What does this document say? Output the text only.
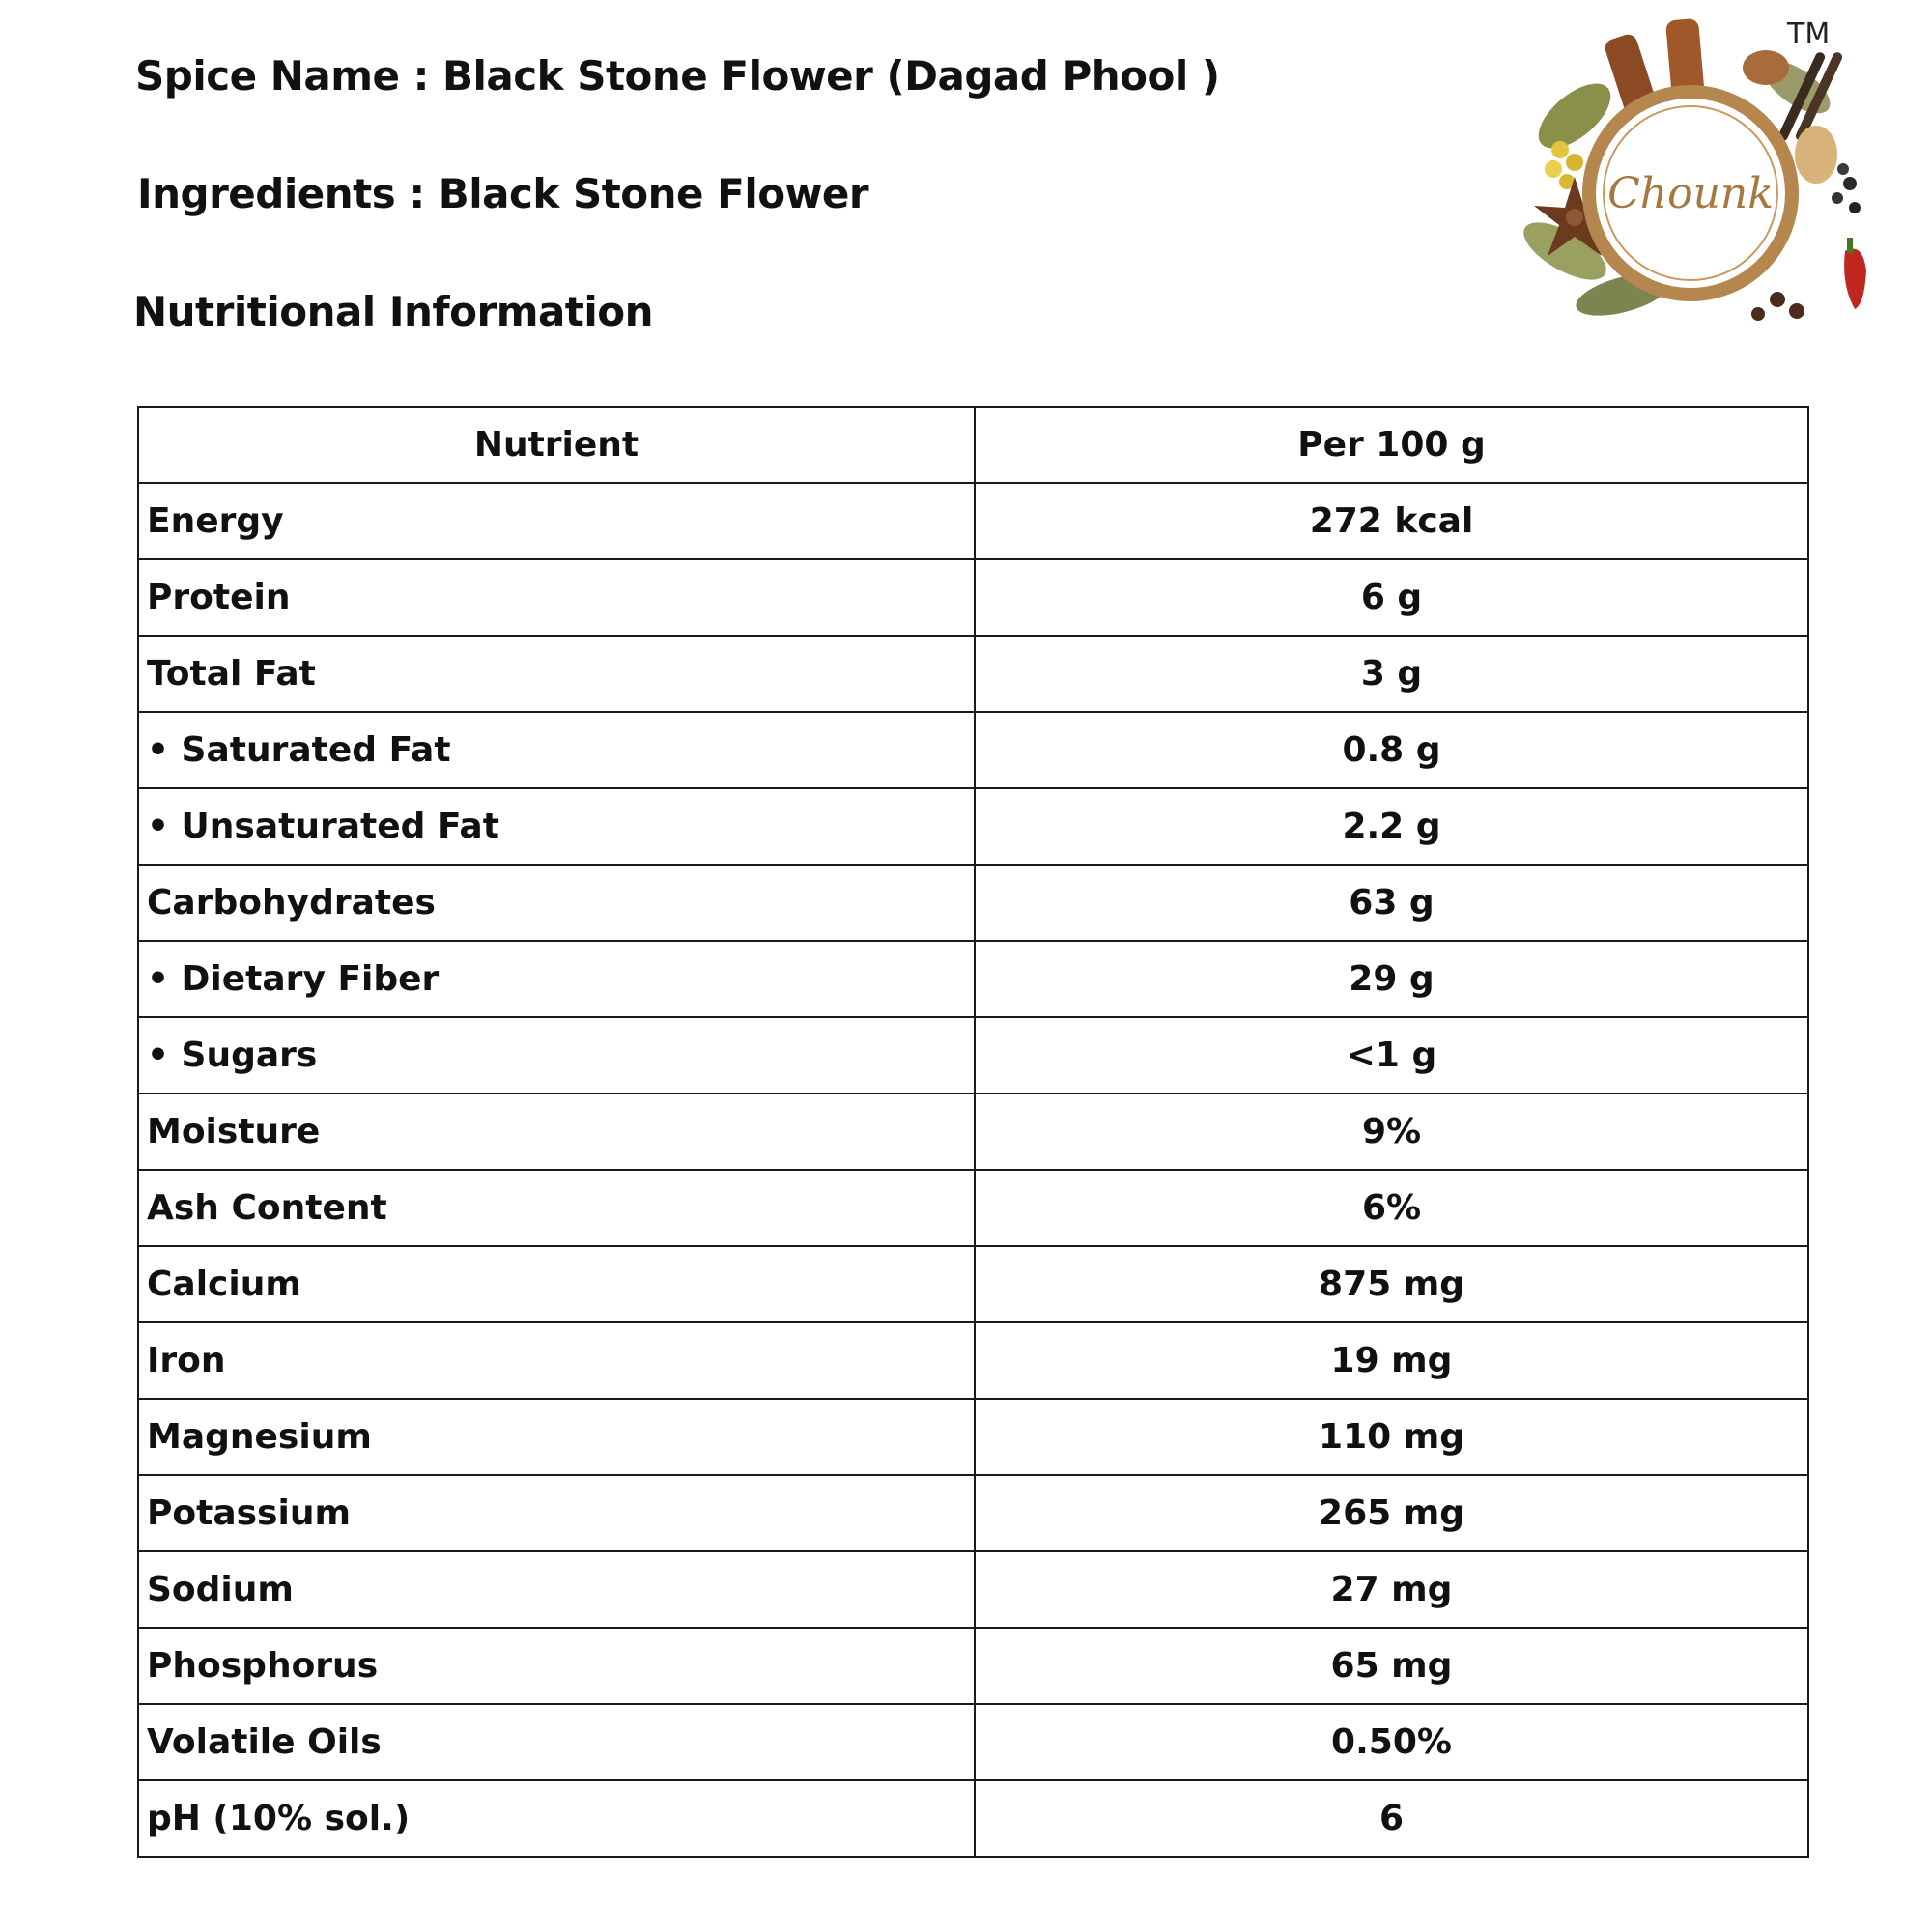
Spice Name : Black Stone Flower (Dagad Phool )
Ingredients : Black Stone Flower
Nutritional Information
Chounk
TM
Nutrient	Per 100 g
Energy	272 kcal
Protein	6 g
Total Fat	3 g
• Saturated Fat	0.8 g
• Unsaturated Fat	2.2 g
Carbohydrates	63 g
• Dietary Fiber	29 g
• Sugars	<1 g
Moisture	9%
Ash Content	6%
Calcium	875 mg
Iron	19 mg
Magnesium	110 mg
Potassium	265 mg
Sodium	27 mg
Phosphorus	65 mg
Volatile Oils	0.50%
pH (10% sol.)	6
